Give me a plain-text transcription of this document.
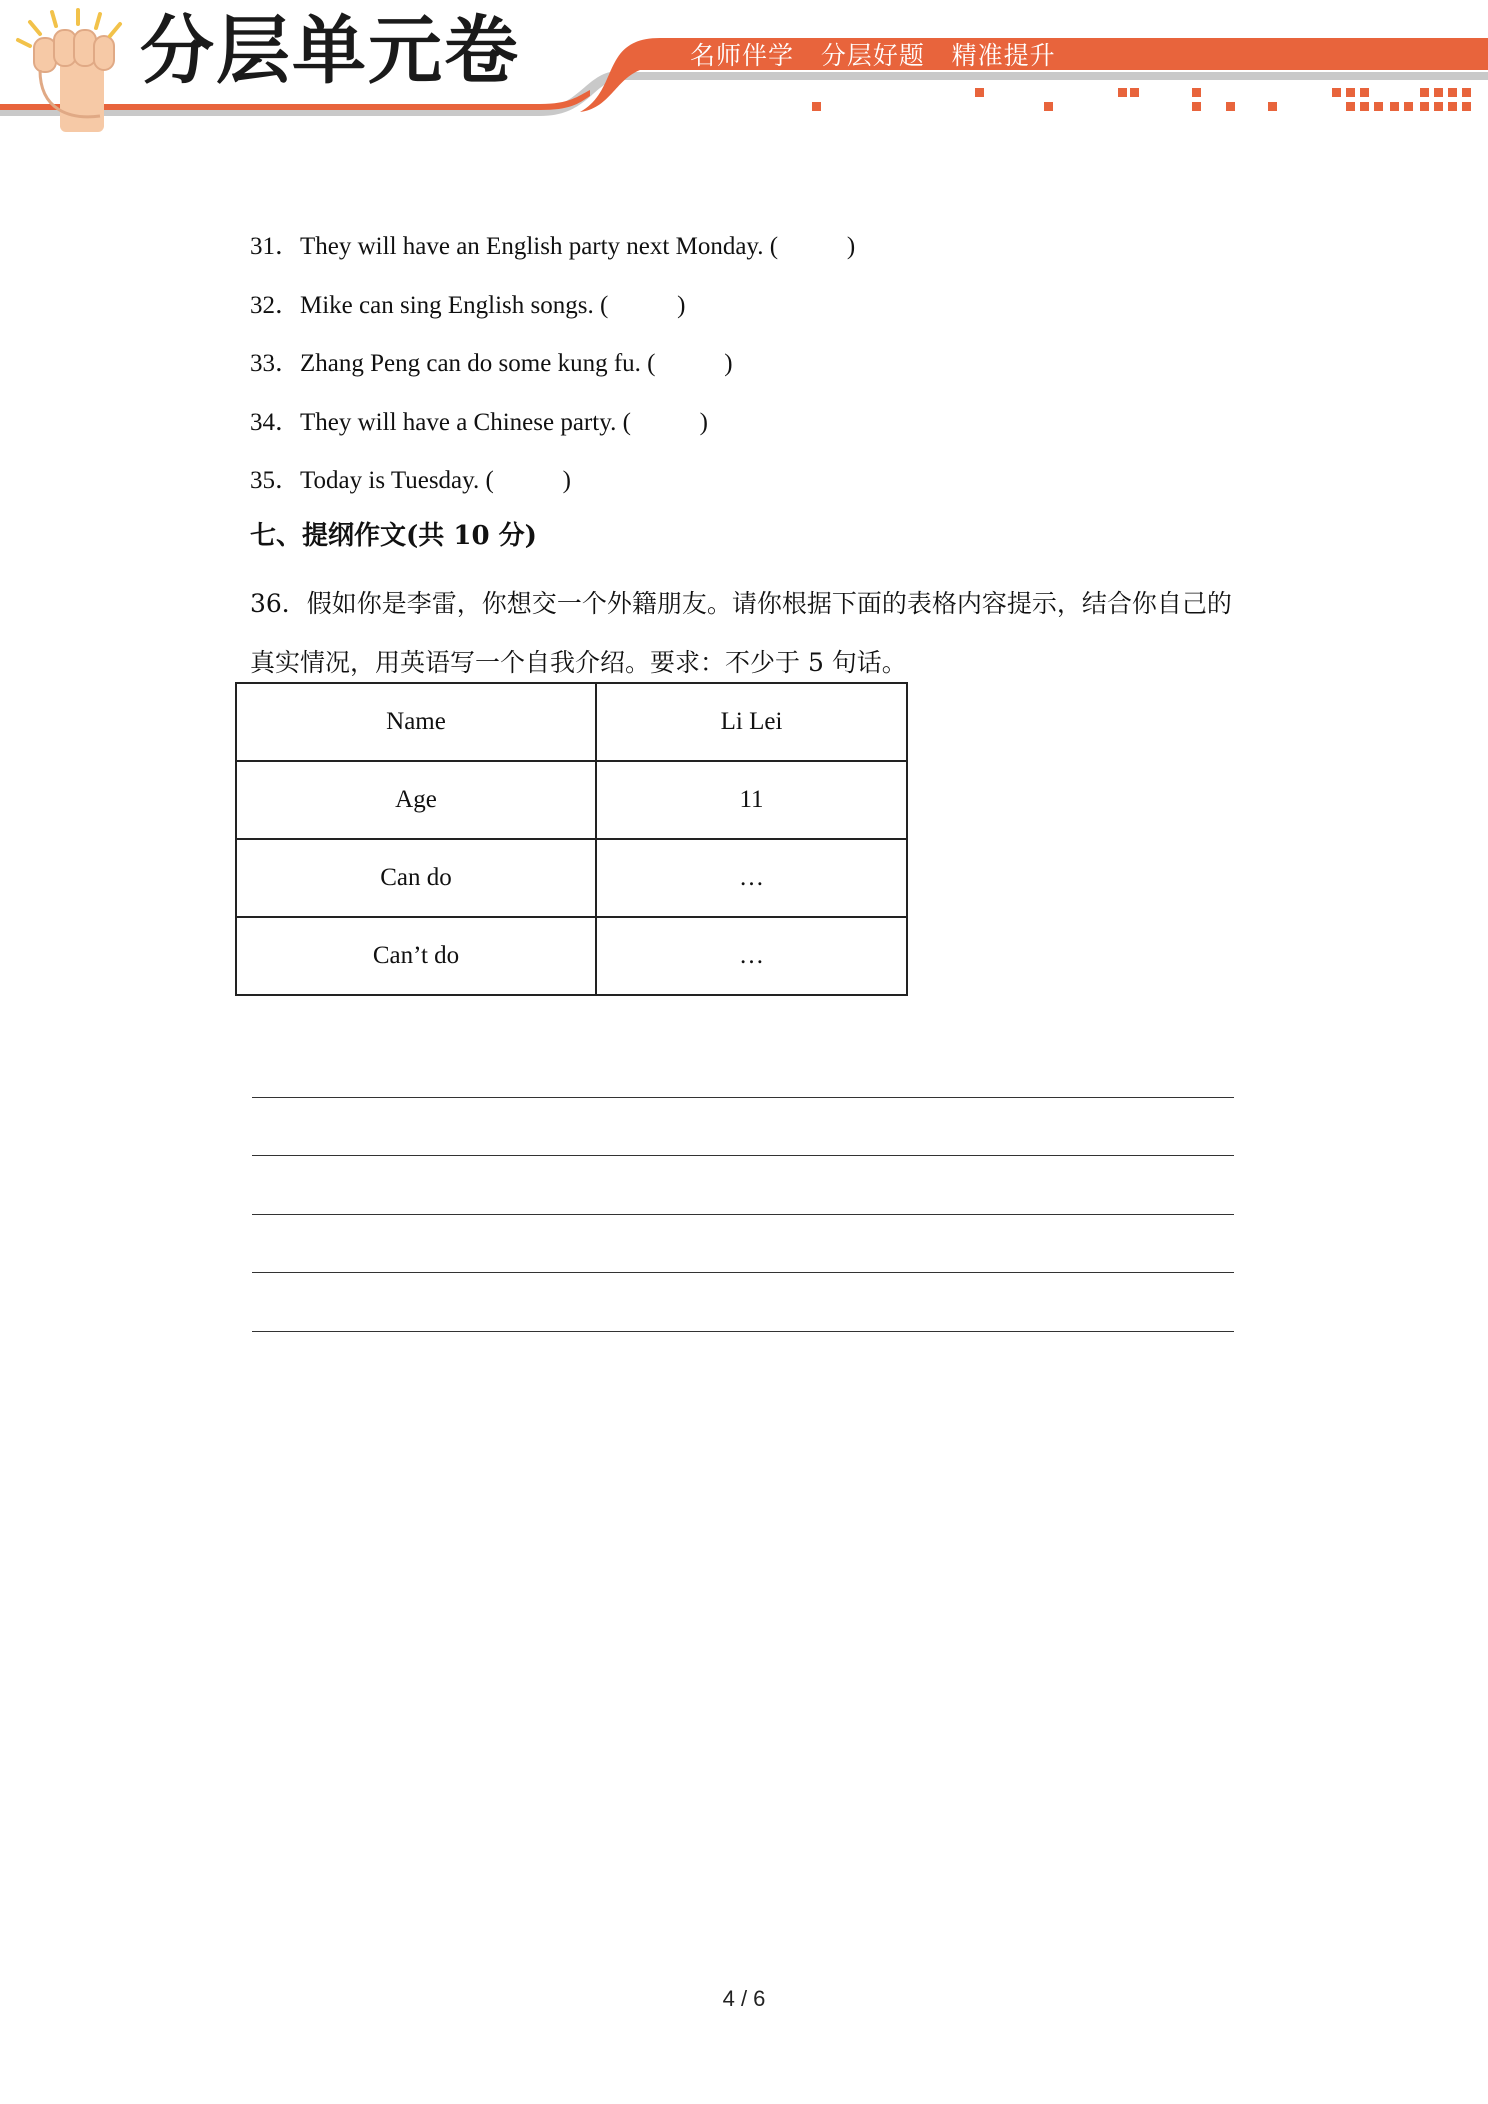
分层单元卷	名师伴学   分层好题   精准提升
31．They will have an English party next Monday. (           )
32．Mike can sing English songs. (           )
33．Zhang Peng can do some kung fu. (           )
34．They will have a Chinese party. (           )
35．Today is Tuesday. (           )
七、提纲作文(共 10 分)
36．假如你是李雷，你想交一个外籍朋友。请你根据下面的表格内容提示，结合你自己的真实情况，用英语写一个自我介绍。要求：不少于 5 句话。
Name	Li Lei
Age	11
Can do	…
Can’t do	…
4 / 6
